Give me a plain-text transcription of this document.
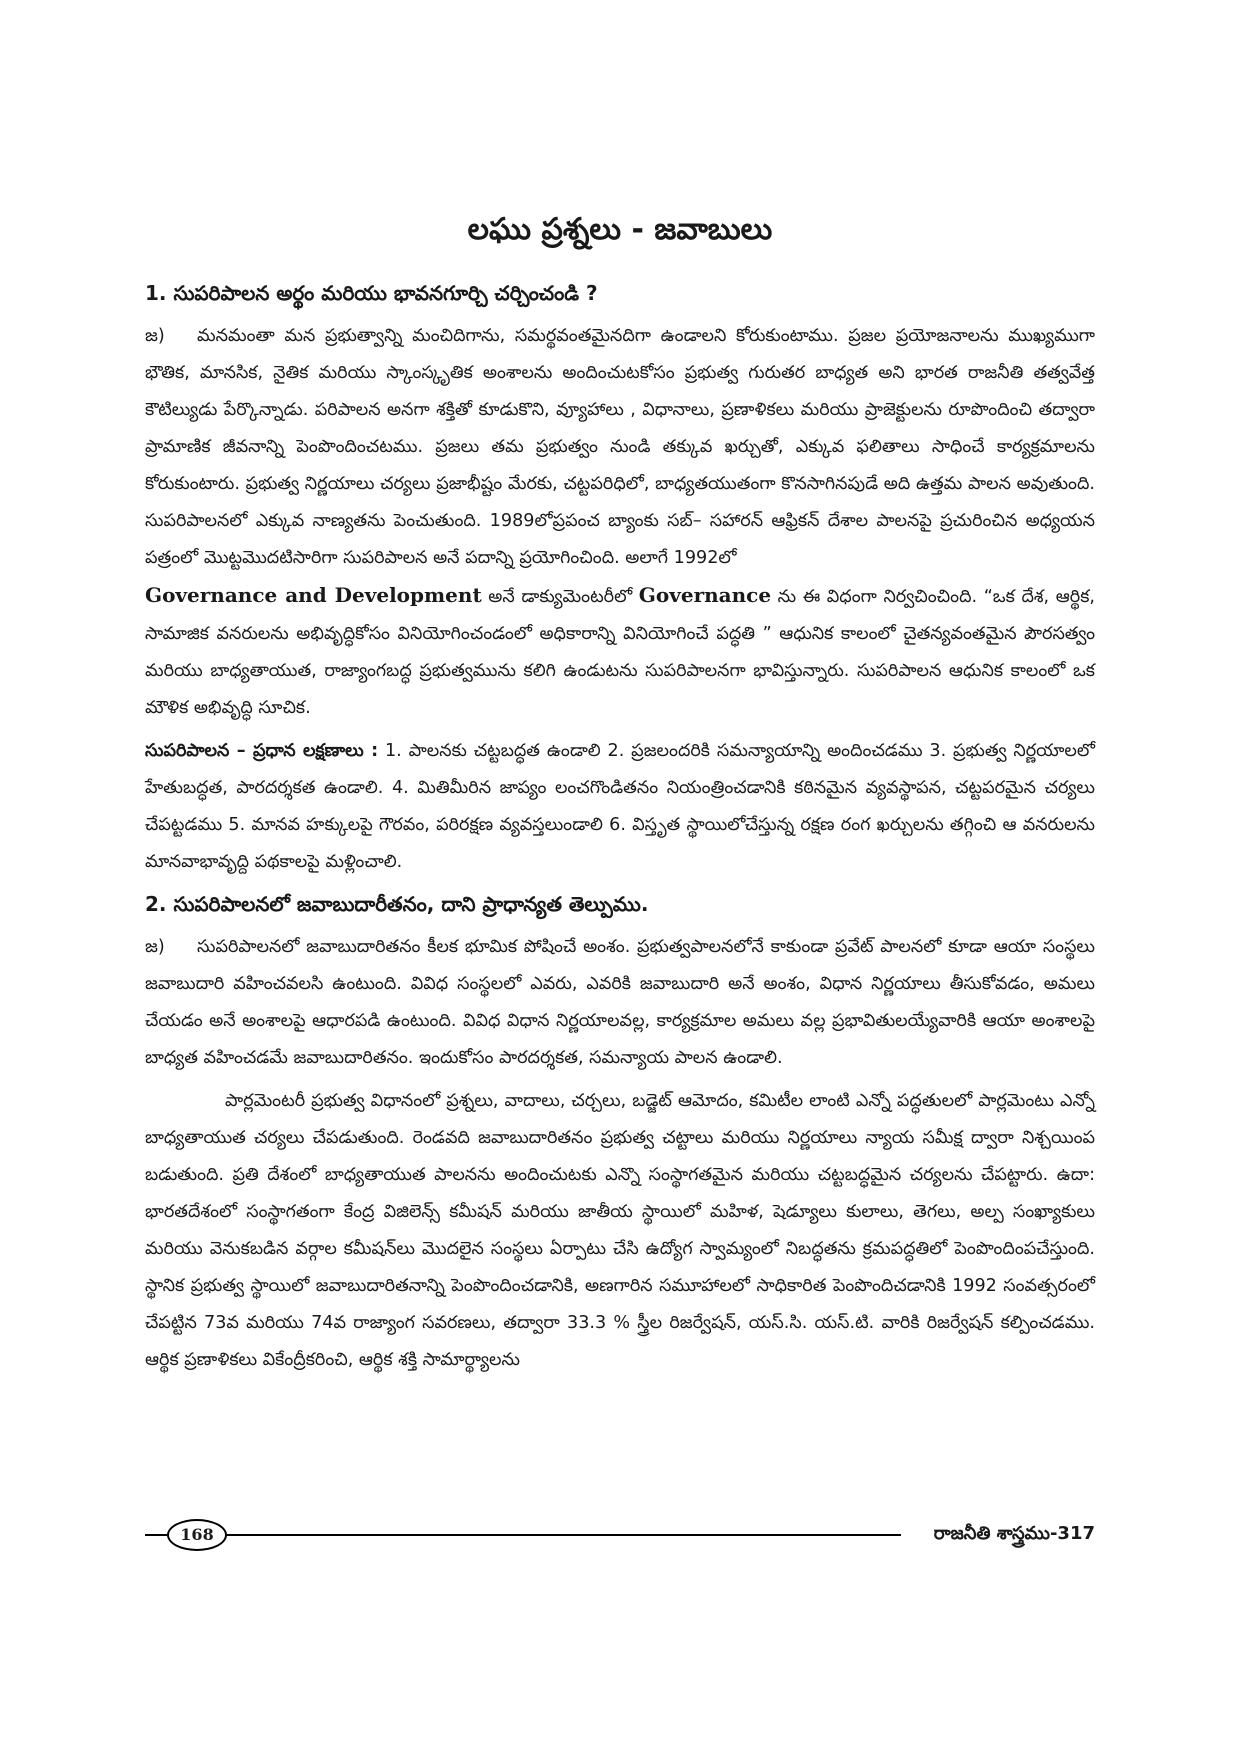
లఘు ప్రశ్నలు - జవాబులు
1. సుపరిపాలన అర్థం మరియు భావనగూర్చి చర్చించండి ?

జ) మనమంతా మన ప్రభుత్వాన్ని మంచిదిగాను, సమర్థవంతమైనదిగా ఉండాలని కోరుకుంటాము. ప్రజల ప్రయోజనాలను ముఖ్యముగా భౌతిక, మానసిక, నైతిక మరియు స్కాంస్కృతిక అంశాలను అందించుటకోసం ప్రభుత్వ గురుతర బాధ్యత అని భారత రాజనీతి తత్వవేత్త కౌటిల్యుడు పేర్కొన్నాడు. పరిపాలన అనగా శక్తితో కూడుకొని, వ్యూహాలు , విధానాలు, ప్రణాళికలు మరియు ప్రాజెక్టులను రూపొందించి తద్వారా ప్రామాణిక జీవనాన్ని పెంపొందించటము. ప్రజలు తమ ప్రభుత్వం నుండి తక్కువ ఖర్చుతో, ఎక్కువ ఫలితాలు సాధించే కార్యక్రమాలను కోరుకుంటారు. ప్రభుత్వ నిర్ణయాలు చర్యలు ప్రజాభీష్టం మేరకు, చట్టపరిధిలో, బాధ్యతయుతంగా కొనసాగినపుడే అది ఉత్తమ పాలన అవుతుంది. సుపరిపాలనలో ఎక్కువ నాణ్యతను పెంచుతుంది. 1989లోప్రపంచ బ్యాంకు సబ్– సహారన్ ఆఫ్రికన్ దేశాల పాలనపై ప్రచురించిన అధ్యయన పత్రంలో మొట్టమొదటిసారిగా సుపరిపాలన అనే పదాన్ని ప్రయోగించింది. అలాగే 1992లో
Governance and Development అనే డాక్యుమెంటరీలో Governance ను ఈ విధంగా నిర్వచించింది. “ఒక దేశ, ఆర్థిక, సామాజిక వనరులను అభివృద్ధికోసం వినియోగించండంలో అధికారాన్ని వినియోగించే పద్ధతి ” ఆధునిక కాలంలో చైతన్యవంతమైన పౌరసత్వం మరియు బాధ్యతాయుత, రాజ్యాంగబద్ధ ప్రభుత్వమును కలిగి ఉండుటను సుపరిపాలనగా భావిస్తున్నారు. సుపరిపాలన ఆధునిక కాలంలో ఒక మౌళిక అభివృద్ధి సూచిక.

సుపరిపాలన – ప్రధాన లక్షణాలు : 1. పాలనకు చట్టబద్ధత ఉండాలి 2. ప్రజలందరికి సమన్యాయాన్ని అందించడము 3. ప్రభుత్వ నిర్ణయాలలో హేతుబద్ధత, పారదర్శకత ఉండాలి. 4. మితిమీరిన జాప్యం లంచగొండితనం నియంత్రించడానికి కఠినమైన వ్యవస్థాపన, చట్టపరమైన చర్యలు చేపట్టడము 5. మానవ హక్కులపై గౌరవం, పరిరక్షణ వ్యవస్తలుండాలి 6. విస్తృత స్థాయిలోచేస్తున్న రక్షణ రంగ ఖర్చులను తగ్గించి ఆ వనరులను మానవాభావృద్ది పథకాలపై మళ్లించాలి.

2. సుపరిపాలనలో జవాబుదారీతనం, దాని ప్రాధాన్యత తెల్పుము.

జ) సుపరిపాలనలో జవాబుదారితనం కీలక భూమిక పోషించే అంశం. ప్రభుత్వపాలనలోనే కాకుండా ప్రవేట్ పాలనలో కూడా ఆయా సంస్థలు జవాబుదారి వహించవలసి ఉంటుంది. వివిధ సంస్థలలో ఎవరు, ఎవరికి జవాబుదారి అనే అంశం, విధాన నిర్ణయాలు తీసుకోవడం, అమలు చేయడం అనే అంశాలపై ఆధారపడి ఉంటుంది. వివిధ విధాన నిర్ణయాలవల్ల, కార్యక్రమాల అమలు వల్ల ప్రభావితులయ్యేవారికి ఆయా అంశాలపై బాధ్యత వహించడమే జవాబుదారితనం. ఇందుకోసం పారదర్శకత, సమన్యాయ పాలన ఉండాలి.

పార్లమెంటరీ ప్రభుత్వ విధానంలో ప్రశ్నలు, వాదాలు, చర్చలు, బడ్జెట్ ఆమోదం, కమిటీల లాంటి ఎన్నో పద్ధతులలో పార్లమెంటు ఎన్నో బాధ్యతాయుత చర్యలు చేపడుతుంది. రెండవది జవాబుదారితనం ప్రభుత్వ చట్టాలు మరియు నిర్ణయాలు న్యాయ సమీక్ష ద్వారా నిశ్చయింప బడుతుంది. ప్రతి దేశంలో బాధ్యతాయుత పాలనను అందించుటకు ఎన్నొ సంస్థాగతమైన మరియు చట్టబద్ధమైన చర్యలను చేపట్టారు. ఉదా: భారతదేశంలో సంస్థాగతంగా కేంద్ర విజిలెన్స్ కమీషన్ మరియు జాతీయ స్థాయిలో మహిళ, షెడ్యూలు కులాలు, తెగలు, అల్ప సంఖ్యాకులు మరియు వెనుకబడిన వర్గాల కమీషన్‌లు మొదలైన సంస్థలు ఏర్పాటు చేసి ఉద్యోగ స్వామ్యంలో నిబద్ధతను క్రమపద్ధతిలో పెంపొందింపచేస్తుంది. స్థానిక ప్రభుత్వ స్థాయిలో జవాబుదారితనాన్ని పెంపొందించడానికి, అణగారిన సమూహాలలో సాధికారిత పెంపొందిచడానికి 1992 సంవత్సరంలో చేపట్టిన 73వ మరియు 74వ రాజ్యాంగ సవరణలు, తద్వారా 33.3 % స్త్రీల రిజర్వేషన్, యస్.సి. యస్.టి. వారికి రిజర్వేషన్ కల్పించడము. ఆర్థిక ప్రణాళికలు వికేంద్రీకరించి, ఆర్థిక శక్తి సామార్థ్యాలను

168	రాజనీతి శాస్త్రము-317
